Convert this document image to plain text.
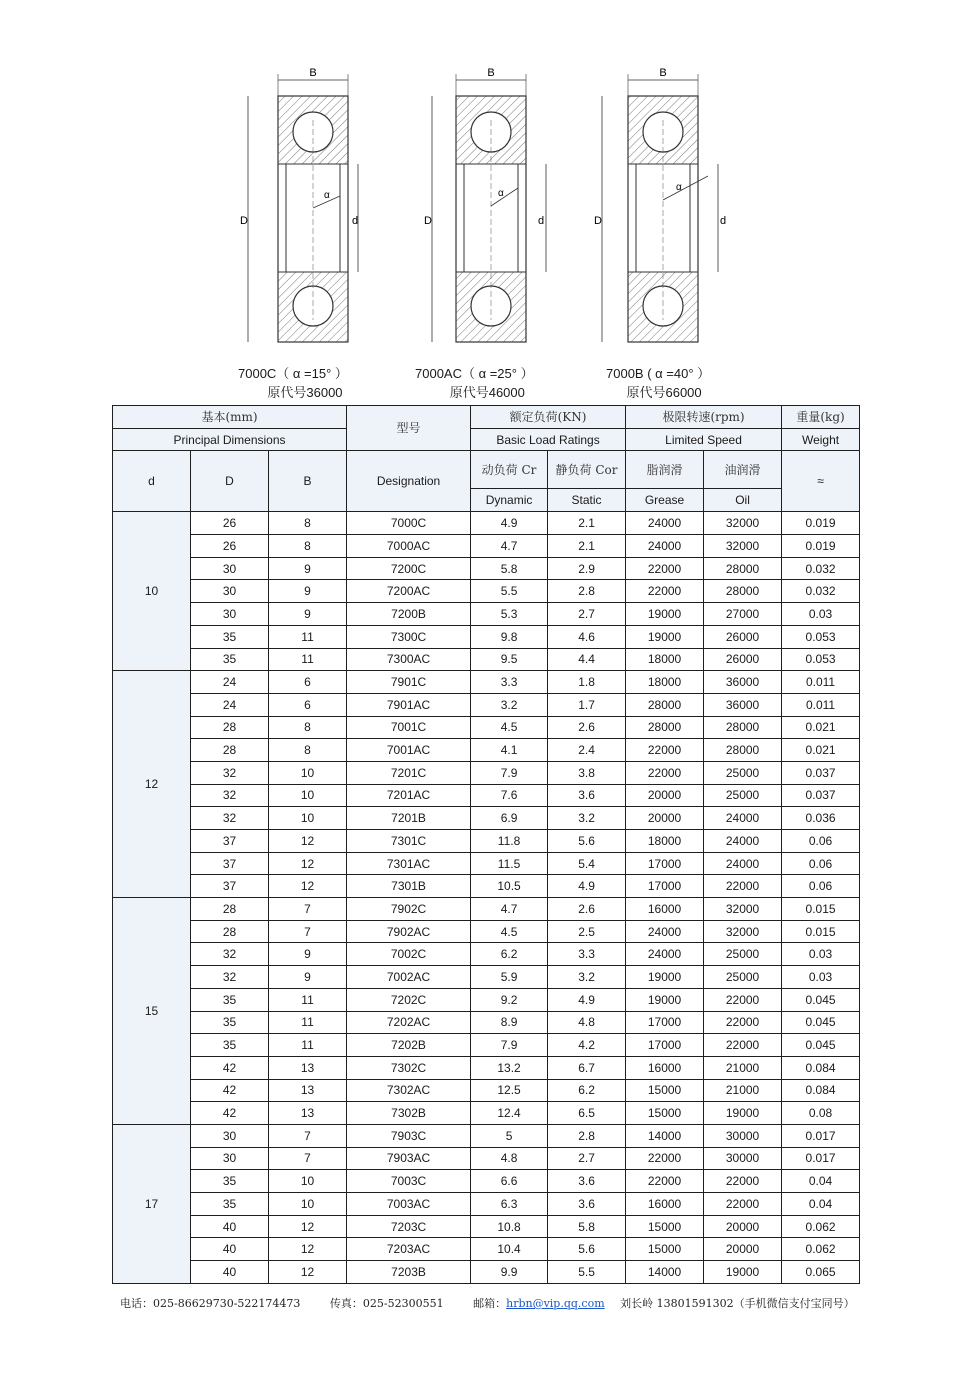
B
α
D	d
7000C（ α =15° ）
原代号36000
B
α
D	d
7000AC（ α =25° ）
原代号46000
B
α
D	d
7000B ( α =40° ）
原代号66000
基本(mm)			型号	额定负荷(KN)		极限转速(rpm)		重量(kg)
Principal Dimensions				Basic Load Ratings		Limited Speed		Weight
d	D	B	Designation	动负荷 Cr	静负荷 Cor	脂润滑	油润滑	≈
				Dynamic	Static	Grease	Oil	
10	26	8	7000C	4.9	2.1	24000	32000	0.019
	26	8	7000AC	4.7	2.1	24000	32000	0.019
	30	9	7200C	5.8	2.9	22000	28000	0.032
	30	9	7200AC	5.5	2.8	22000	28000	0.032
	30	9	7200B	5.3	2.7	19000	27000	0.03
	35	11	7300C	9.8	4.6	19000	26000	0.053
	35	11	7300AC	9.5	4.4	18000	26000	0.053
12	24	6	7901C	3.3	1.8	18000	36000	0.011
	24	6	7901AC	3.2	1.7	28000	36000	0.011
	28	8	7001C	4.5	2.6	28000	28000	0.021
	28	8	7001AC	4.1	2.4	22000	28000	0.021
	32	10	7201C	7.9	3.8	22000	25000	0.037
	32	10	7201AC	7.6	3.6	20000	25000	0.037
	32	10	7201B	6.9	3.2	20000	24000	0.036
	37	12	7301C	11.8	5.6	18000	24000	0.06
	37	12	7301AC	11.5	5.4	17000	24000	0.06
	37	12	7301B	10.5	4.9	17000	22000	0.06
15	28	7	7902C	4.7	2.6	16000	32000	0.015
	28	7	7902AC	4.5	2.5	24000	32000	0.015
	32	9	7002C	6.2	3.3	24000	25000	0.03
	32	9	7002AC	5.9	3.2	19000	25000	0.03
	35	11	7202C	9.2	4.9	19000	22000	0.045
	35	11	7202AC	8.9	4.8	17000	22000	0.045
	35	11	7202B	7.9	4.2	17000	22000	0.045
	42	13	7302C	13.2	6.7	16000	21000	0.084
	42	13	7302AC	12.5	6.2	15000	21000	0.084
	42	13	7302B	12.4	6.5	15000	19000	0.08
17	30	7	7903C	5	2.8	14000	30000	0.017
	30	7	7903AC	4.8	2.7	22000	30000	0.017
	35	10	7003C	6.6	3.6	22000	22000	0.04
	35	10	7003AC	6.3	3.6	16000	22000	0.04
	40	12	7203C	10.8	5.8	15000	20000	0.062
	40	12	7203AC	10.4	5.6	15000	20000	0.062
	40	12	7203B	9.9	5.5	14000	19000	0.065
电话：025-86629730-522174473	传真：025-52300551	邮箱：hrbn@vip.qq.com 刘长岭 13801591302（手机微信支付宝同号）
